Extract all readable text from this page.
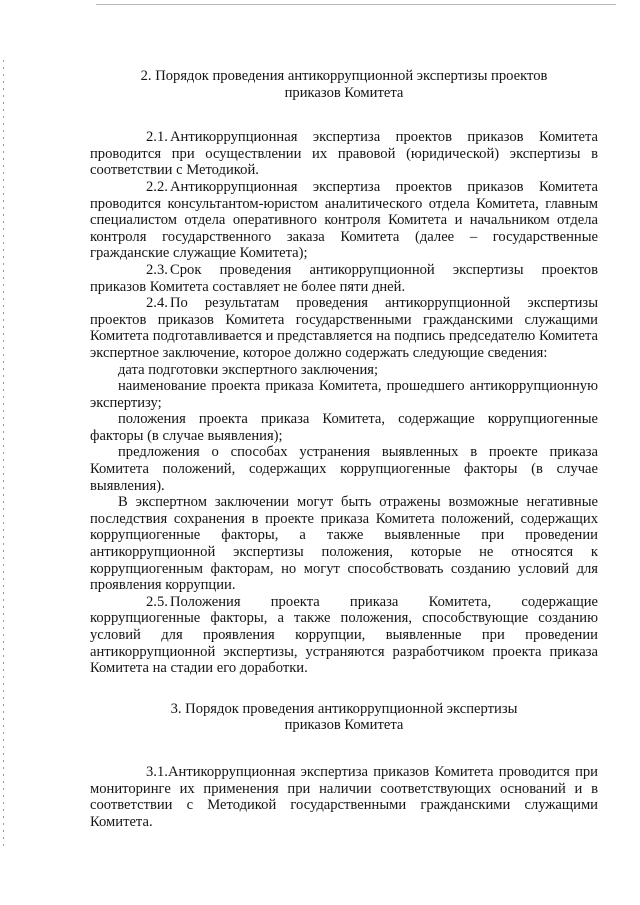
2. Порядок проведения антикоррупционной экспертизы проектов

приказов Комитета

2.1. Антикоррупционная экспертиза проектов приказов Комитета проводится при осуществлении их правовой (юридической) экспертизы в соответствии с Методикой.

2.2. Антикоррупционная экспертиза проектов приказов Комитета проводится консультантом-юристом аналитического отдела Комитета, главным специалистом отдела оперативного контроля Комитета и начальником отдела контроля государственного заказа Комитета (далее – государственные гражданские служащие Комитета);

2.3. Срок проведения антикоррупционной экспертизы проектов приказов Комитета составляет не более пяти дней.

2.4. По результатам проведения антикоррупционной экспертизы проектов приказов Комитета государственными гражданскими служащими Комитета подготавливается и представляется на подпись председателю Комитета экспертное заключение, которое должно содержать следующие сведения:

дата подготовки экспертного заключения;

наименование проекта приказа Комитета, прошедшего антикоррупционную экспертизу;

положения проекта приказа Комитета, содержащие коррупциогенные факторы (в случае выявления);

предложения о способах устранения выявленных в проекте приказа Комитета положений, содержащих коррупциогенные факторы (в случае выявления).

В экспертном заключении могут быть отражены возможные негативные последствия сохранения в проекте приказа Комитета положений, содержащих коррупциогенные факторы, а также выявленные при проведении антикоррупционной экспертизы положения, которые не относятся к коррупциогенным факторам, но могут способствовать созданию условий для проявления коррупции.

2.5. Положения проекта приказа Комитета, содержащие коррупциогенные факторы, а также положения, способствующие созданию условий для проявления коррупции, выявленные при проведении антикоррупционной экспертизы, устраняются разработчиком проекта приказа Комитета на стадии его доработки.

3. Порядок проведения антикоррупционной экспертизы

приказов Комитета

3.1.Антикоррупционная экспертиза приказов Комитета проводится при мониторинге их применения при наличии соответствующих оснований и в соответствии с Методикой государственными гражданскими служащими Комитета.
